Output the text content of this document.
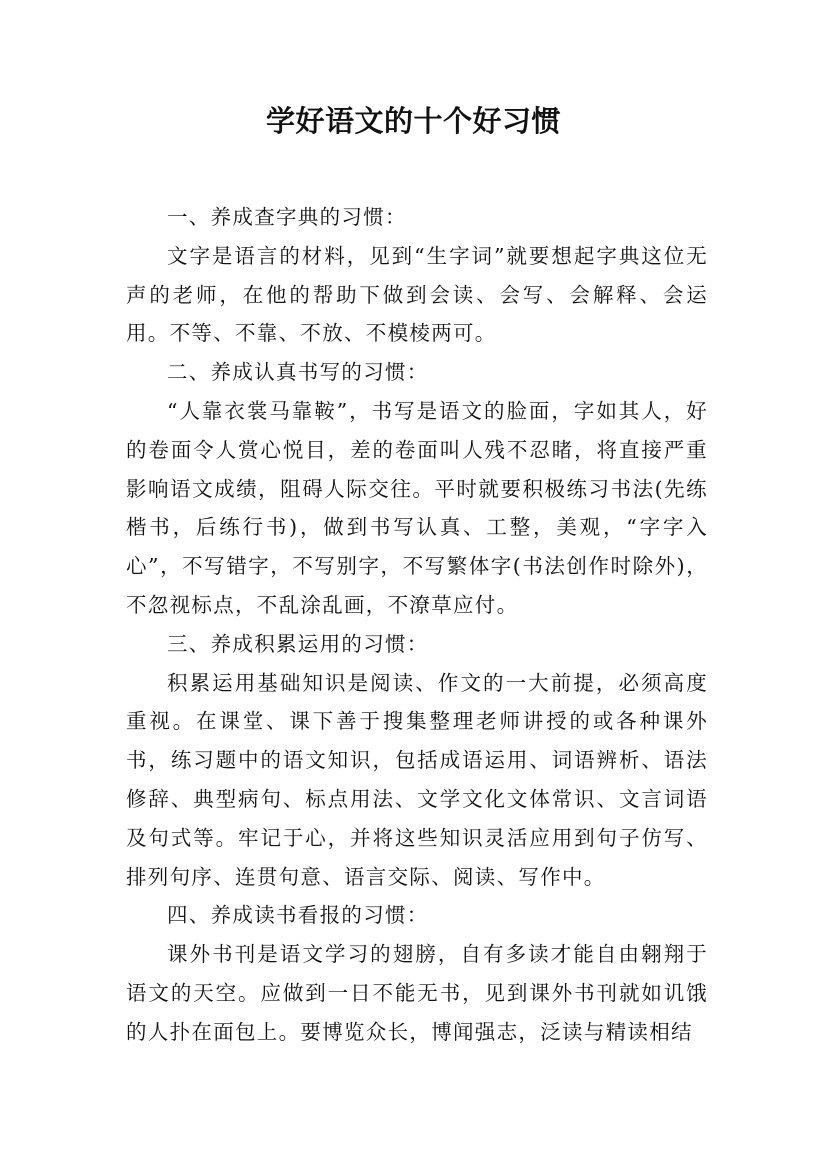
学好语文的十个好习惯

一、养成查字典的习惯：

文字是语言的材料，见到“生字词”就要想起字典这位无声的老师，在他的帮助下做到会读、会写、会解释、会运用。不等、不靠、不放、不模棱两可。

二、养成认真书写的习惯：

“人靠衣裳马靠鞍”，书写是语文的脸面，字如其人，好的卷面令人赏心悦目，差的卷面叫人残不忍睹，将直接严重影响语文成绩，阻碍人际交往。平时就要积极练习书法(先练楷书，后练行书)，做到书写认真、工整，美观，“字字入心”，不写错字，不写别字，不写繁体字(书法创作时除外)，不忽视标点，不乱涂乱画，不潦草应付。

三、养成积累运用的习惯：

积累运用基础知识是阅读、作文的一大前提，必须高度重视。在课堂、课下善于搜集整理老师讲授的或各种课外书，练习题中的语文知识，包括成语运用、词语辨析、语法修辞、典型病句、标点用法、文学文化文体常识、文言词语及句式等。牢记于心，并将这些知识灵活应用到句子仿写、排列句序、连贯句意、语言交际、阅读、写作中。

四、养成读书看报的习惯：

课外书刊是语文学习的翅膀，自有多读才能自由翱翔于语文的天空。应做到一日不能无书，见到课外书刊就如讥饿的人扑在面包上。要博览众长，博闻强志，泛读与精读相结
